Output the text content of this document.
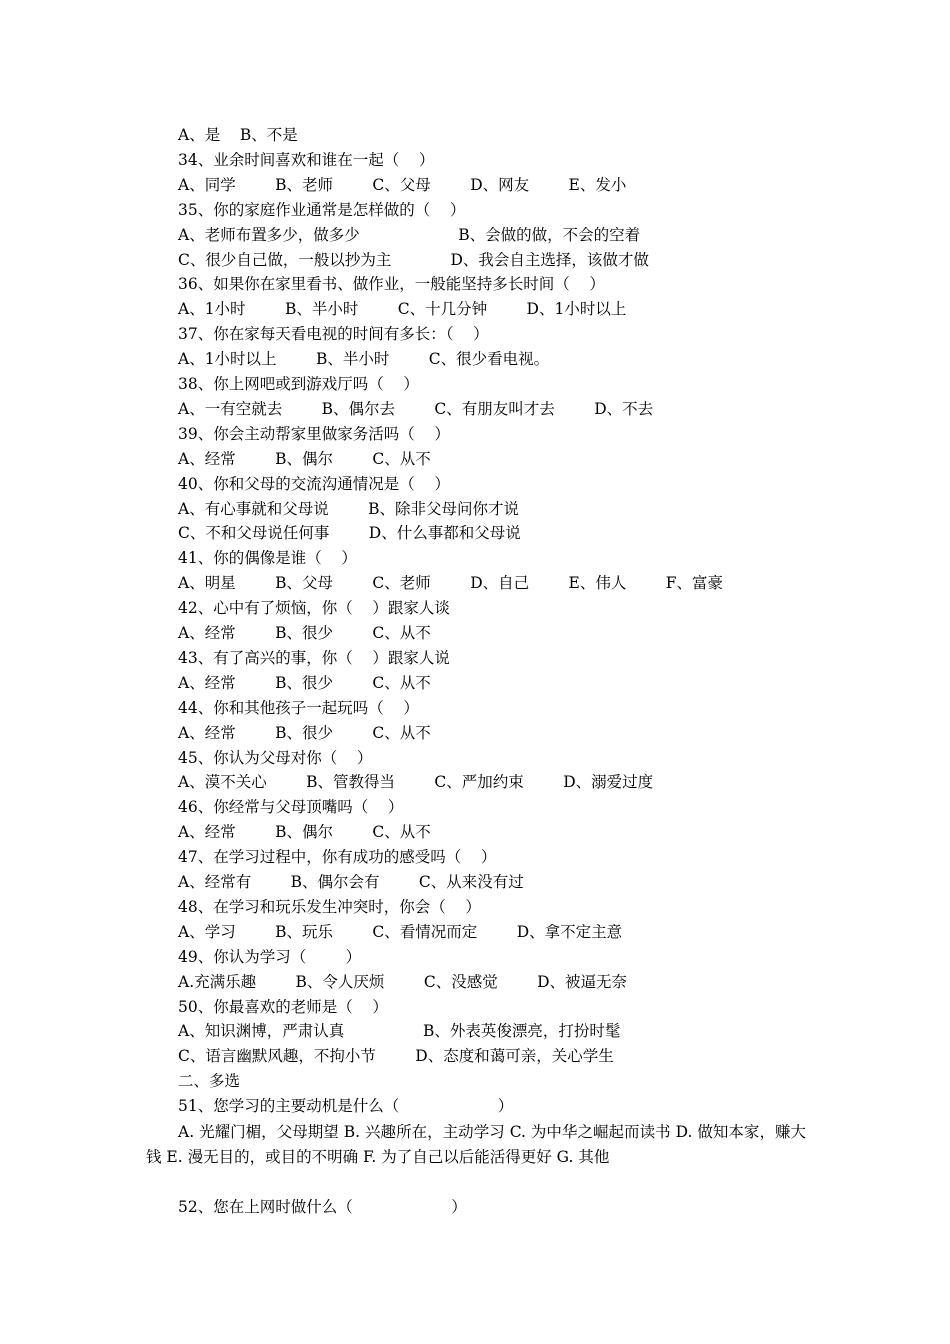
A、是    B、不是
34、业余时间喜欢和谁在一起（    ）
A、同学        B、老师        C、父母        D、网友        E、发小
35、你的家庭作业通常是怎样做的（    ）
A、老师布置多少，做多少                    B、会做的做，不会的空着
C、很少自己做，一般以抄为主            D、我会自主选择，该做才做
36、如果你在家里看书、做作业，一般能坚持多长时间（    ）
A、1小时        B、半小时        C、十几分钟        D、1小时以上
37、你在家每天看电视的时间有多长：（    ）
A、1小时以上        B、半小时        C、很少看电视。
38、你上网吧或到游戏厅吗（    ）
A、一有空就去        B、偶尔去        C、有朋友叫才去        D、不去
39、你会主动帮家里做家务活吗（    ）
A、经常        B、偶尔        C、从不
40、你和父母的交流沟通情况是（    ）
A、有心事就和父母说        B、除非父母问你才说
C、不和父母说任何事        D、什么事都和父母说
41、你的偶像是谁（    ）
A、明星        B、父母        C、老师        D、自己        E、伟人        F、富豪
42、心中有了烦恼，你（    ）跟家人谈
A、经常        B、很少        C、从不
43、有了高兴的事，你（    ）跟家人说
A、经常        B、很少        C、从不
44、你和其他孩子一起玩吗（    ）
A、经常        B、很少        C、从不
45、你认为父母对你（    ）
A、漠不关心        B、管教得当        C、严加约束        D、溺爱过度
46、你经常与父母顶嘴吗（    ）
A、经常        B、偶尔        C、从不
47、在学习过程中，你有成功的感受吗（    ）
A、经常有        B、偶尔会有        C、从来没有过
48、在学习和玩乐发生冲突时，你会（    ）
A、学习        B、玩乐        C、看情况而定        D、拿不定主意
49、你认为学习（        ）
A.充满乐趣        B、令人厌烦        C、没感觉        D、被逼无奈
50、你最喜欢的老师是（    ）
A、知识渊博，严肃认真                B、外表英俊漂亮，打扮时髦
C、语言幽默风趣，不拘小节        D、态度和蔼可亲，关心学生
二、多选
51、您学习的主要动机是什么（                    ）
A. 光耀门楣，父母期望 B. 兴趣所在，主动学习 C. 为中华之崛起而读书 D. 做知本家，赚大钱 E. 漫无目的，或目的不明确 F. 为了自己以后能活得更好 G. 其他
52、您在上网时做什么（                    ）
